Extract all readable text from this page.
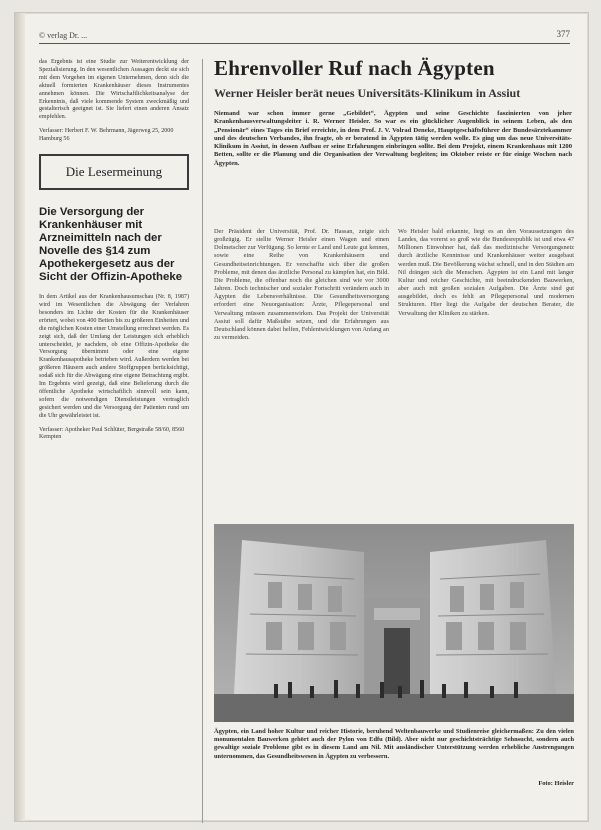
© verlag Dr. ...	377

das Ergebnis ist eine Studie zur Weiterentwicklung der Spezialisierung. In den wesentlichen Aussagen deckt sie sich mit dem Vorgehen im eigenen Unternehmen, denn sich die aktuell formierten Krankenhäuser dieses Instrumentes annehmen können. Die Wirtschaftlichkeitsanalyse der Erkenntnis, daß viele kommende System zweckmäßig und gestalterisch geeignet ist. Sie liefert einen anderen Ansatz empfehlen.

Verfasser: Herbert F. W. Behrmann, Jägerweg 25, 2000 Hamburg 56

Die Lesermeinung
Die Versorgung der Krankenhäuser mit Arzneimitteln nach der Novelle des §14 zum Apothekergesetz aus der Sicht der Offizin-Apotheke

In dem Artikel aus der Krankenhausumschau (Nr. 8, 1987) wird im Wesentlichen die Abwägung der Verfahren besonders im Lichte der Kosten für die Krankenhäuser erörtert, wobei von 400 Betten bis zu größeren Einheiten und die möglichen Kosten einer Umstellung errechnet werden. Es zeigt sich, daß der Umfang der Leistungen sich erheblich unterscheidet, je nachdem, ob eine Offizin-Apotheke die Versorgung übernimmt oder eine eigene Krankenhausapotheke betrieben wird. Außerdem werden bei größeren Häusern auch andere Stoffgruppen berücksichtigt, sodaß sich für die Abwägung eine eigene Betrachtung ergibt. Im Ergebnis wird gezeigt, daß eine Belieferung durch die öffentliche Apotheke wirtschaftlich sinnvoll sein kann, sofern die notwendigen Dienstleistungen vertraglich gesichert werden und die Versorgung der Patienten rund um die Uhr gewährleistet ist.

Verfasser: Apotheker Paul Schlüter, Bergstraße 58/60, 8560 Kempten

Ehrenvoller Ruf nach Ägypten
Werner Heisler berät neues Universitäts-Klinikum in Assiut

Niemand war schon immer gerne „Gebildet“, Ägypten und seine Geschichte faszinierten von jeher Krankenhausverwaltungsleiter i. R. Werner Heisler. So war es ein glücklicher Augenblick in seinem Leben, als den „Pensionär“ eines Tages ein Brief erreichte, in dem Prof. J. V. Volrad Deneke, Hauptgeschäftsführer der Bundesärztekammer und des deutschen Verbandes, ihn fragte, ob er beratend in Ägypten tätig werden wolle. Es ging um das neue Universitäts-Klinikum in Assiut, in dessen Aufbau er seine Erfahrungen einbringen sollte. Bei dem Projekt, einem Krankenhaus mit 1200 Betten, sollte er die Planung und die Organisation der Verwaltung begleiten; im Oktober reiste er für einige Wochen nach Ägypten.

Der Präsident der Universität, Prof. Dr. Hassan, zeigte sich großzügig. Er stellte Werner Heisler einen Wagen und einen Dolmetscher zur Verfügung. So lernte er Land und Leute gut kennen, sowie eine Reihe von Krankenhäusern und Gesundheitseinrichtungen. Er verschaffte sich über die großen Probleme, mit denen das ärztliche Personal zu kämpfen hat, ein Bild. Die Probleme, die offenbar noch die gleichen sind wie vor 3000 Jahren. Doch technischer und sozialer Fortschritt verändern auch in Ägypten die Lebensverhältnisse. Die Gesundheitsversorgung erfordert eine Neuorganisation: Ärzte, Pflegepersonal und Verwaltung müssen zusammenwirken. Das Projekt der Universität Assiut soll dafür Maßstäbe setzen, und die Erfahrungen aus Deutschland können dabei helfen, Fehlentwicklungen von Anfang an zu vermeiden.

Wo Heisler bald erkannte, liegt es an den Voraussetzungen des Landes, das vorerst so groß wie die Bundesrepublik ist und etwa 47 Millionen Einwohner hat, daß das medizinische Versorgungsnetz durch ärztliche Kenntnisse und Krankenhäuser weiter ausgebaut werden muß. Die Bevölkerung wächst schnell, und in den Städten am Nil drängen sich die Menschen. Ägypten ist ein Land mit langer Kultur und reicher Geschichte, mit beeindruckenden Bauwerken, aber auch mit großen sozialen Aufgaben. Die Ärzte sind gut ausgebildet, doch es fehlt an Pflegepersonal und modernen Strukturen. Hier liegt die Aufgabe der deutschen Berater, die Verwaltung der Kliniken zu stärken.

Ägypten, ein Land hoher Kultur und reicher Historie, beruhend Weltenbauwerke und Studienreise gleichermaßen: Zu den vielen monumentalen Bauwerken gehört auch der Pylon von Edfu (Bild). Aber nicht nur geschichtsträchtige Sehnsucht, sondern auch gewaltige soziale Probleme gibt es in diesem Land am Nil. Mit ausländischer Unterstützung werden erhebliche Anstrengungen unternommen, das Gesundheitswesen in Ägypten zu verbessern.

Foto: Heisler
